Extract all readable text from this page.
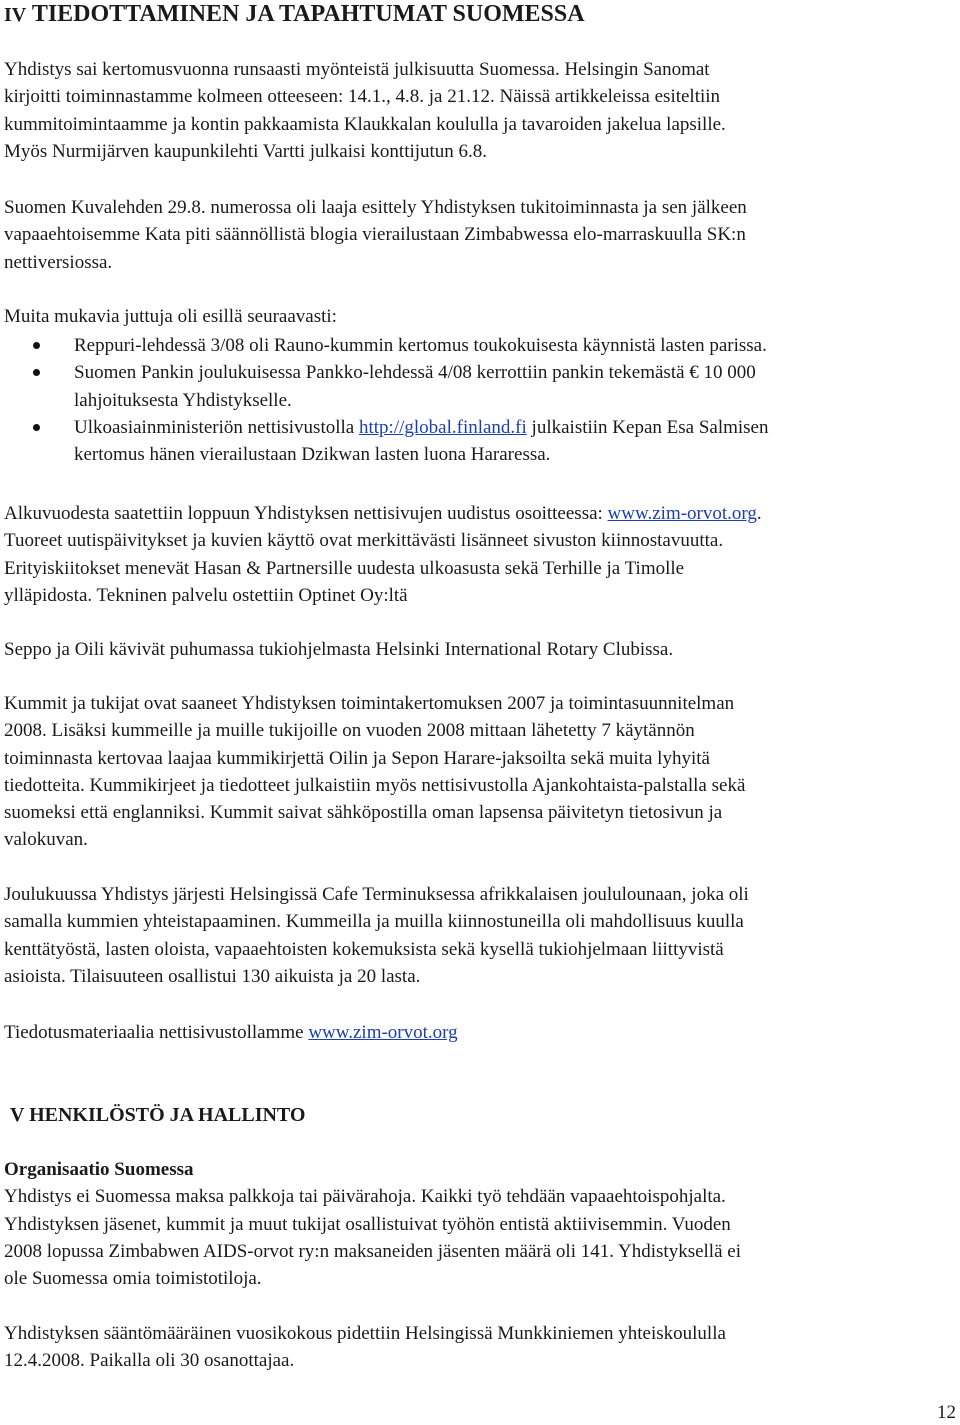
IV TIEDOTTAMINEN JA TAPAHTUMAT SUOMESSA
Yhdistys sai kertomusvuonna runsaasti myönteistä julkisuutta Suomessa. Helsingin Sanomat
kirjoitti toiminnastamme kolmeen otteeseen: 14.1., 4.8. ja 21.12. Näissä artikkeleissa esiteltiin
kummitoimintaamme ja kontin pakkaamista Klaukkalan koululla ja tavaroiden jakelua lapsille.
Myös Nurmijärven kaupunkilehti Vartti julkaisi konttijutun 6.8.
Suomen Kuvalehden 29.8. numerossa oli laaja esittely Yhdistyksen tukitoiminnasta ja sen jälkeen
vapaaehtoisemme Kata piti säännöllistä blogia vierailustaan Zimbabwessa elo-marraskuulla SK:n
nettiversiossa.
Muita mukavia juttuja oli esillä seuraavasti:
Reppuri-lehdessä 3/08 oli Rauno-kummin kertomus toukokuisesta käynnistä lasten parissa.
Suomen Pankin joulukuisessa Pankko-lehdessä 4/08 kerrottiin pankin tekemästä € 10 000
lahjoituksesta Yhdistykselle.
Ulkoasiainministeriön nettisivustolla http://global.finland.fi julkaistiin Kepan Esa Salmisen
kertomus hänen vierailustaan Dzikwan lasten luona Hararessa.
Alkuvuodesta saatettiin loppuun Yhdistyksen nettisivujen uudistus osoitteessa: www.zim-orvot.org.
Tuoreet uutispäivitykset ja kuvien käyttö ovat merkittävästi lisänneet sivuston kiinnostavuutta.
Erityiskiitokset menevät Hasan & Partnersille uudesta ulkoasusta sekä Terhille ja Timolle
ylläpidosta. Tekninen palvelu ostettiin Optinet Oy:ltä
Seppo ja Oili kävivät puhumassa tukiohjelmasta Helsinki International Rotary Clubissa.
Kummit ja tukijat ovat saaneet Yhdistyksen toimintakertomuksen 2007 ja toimintasuunnitelman
2008. Lisäksi kummeille ja muille tukijoille on vuoden 2008 mittaan lähetetty 7 käytännön
toiminnasta kertovaa laajaa kummikirjettä Oilin ja Sepon Harare-jaksoilta sekä muita lyhyitä
tiedotteita. Kummikirjeet ja tiedotteet julkaistiin myös nettisivustolla Ajankohtaista-palstalla sekä
suomeksi että englanniksi. Kummit saivat sähköpostilla oman lapsensa päivitetyn tietosivun ja
valokuvan.
Joulukuussa Yhdistys järjesti Helsingissä Cafe Terminuksessa afrikkalaisen joululounaan, joka oli
samalla kummien yhteistapaaminen. Kummeilla ja muilla kiinnostuneilla oli mahdollisuus kuulla
kenttätyöstä, lasten oloista, vapaaehtoisten kokemuksista sekä kysellä tukiohjelmaan liittyvistä
asioista. Tilaisuuteen osallistui 130 aikuista ja 20 lasta.
Tiedotusmateriaalia nettisivustollamme www.zim-orvot.org
V HENKILÖSTÖ JA HALLINTO
Organisaatio Suomessa
Yhdistys ei Suomessa maksa palkkoja tai päivärahoja. Kaikki työ tehdään vapaaehtoispohjalta.
Yhdistyksen jäsenet, kummit ja muut tukijat osallistuivat työhön entistä aktiivisemmin. Vuoden
2008 lopussa Zimbabwen AIDS-orvot ry:n maksaneiden jäsenten määrä oli 141. Yhdistyksellä ei
ole Suomessa omia toimistotiloja.
Yhdistyksen sääntömääräinen vuosikokous pidettiin Helsingissä Munkkiniemen yhteiskoululla
12.4.2008. Paikalla oli 30 osanottajaa.
12
